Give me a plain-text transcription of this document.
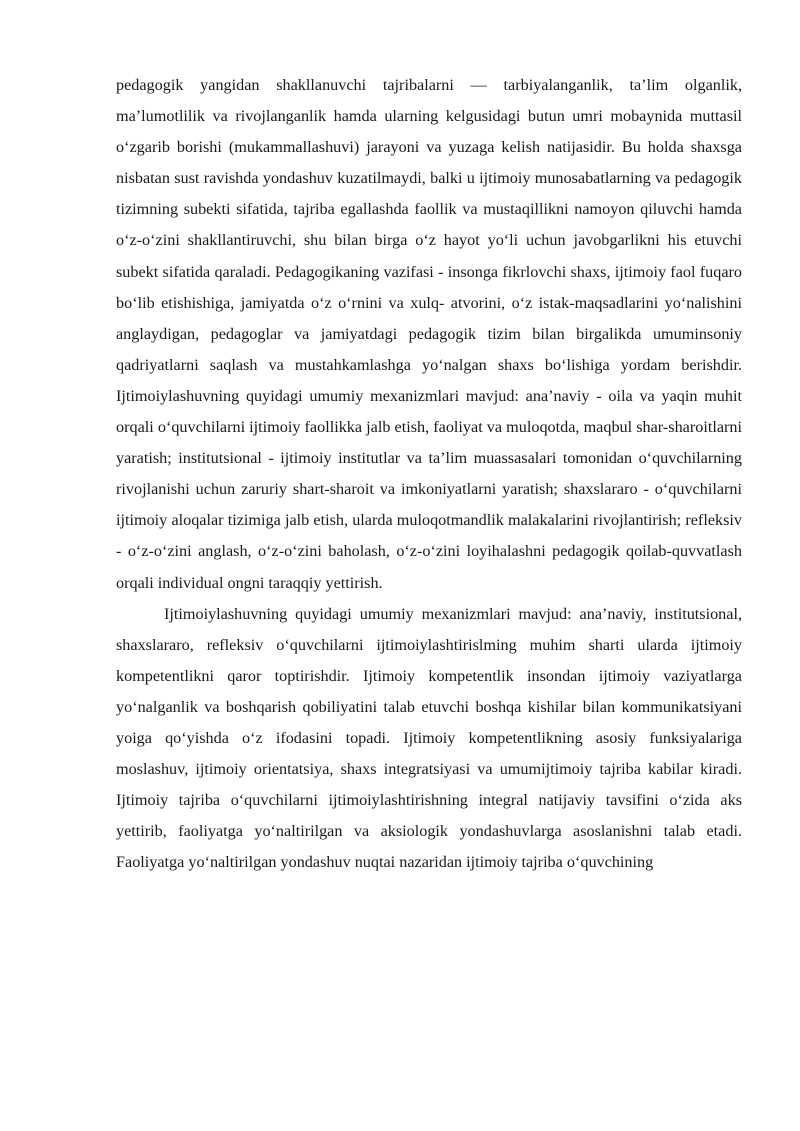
pedagogik yangidan shakllanuvchi tajribalarni — tarbiyalanganlik, ta’lim olganlik, ma’lumotlilik va rivojlanganlik hamda ularning kelgusidagi butun umri mobaynida muttasil o‘zgarib borishi (mukammallashuvi) jarayoni va yuzaga kelish natijasidir. Bu holda shaxsga nisbatan sust ravishda yondashuv kuzatilmaydi, balki u ijtimoiy munosabatlarning va pedagogik tizimning subekti sifatida, tajriba egallashda faollik va mustaqillikni namoyon qiluvchi hamda o‘z-o‘zini shakllantiruvchi, shu bilan birga o‘z hayot yo‘li uchun javobgarlikni his etuvchi subekt sifatida qaraladi. Pedagogikaning vazifasi - insonga fikrlovchi shaxs, ijtimoiy faol fuqaro bo‘lib etishishiga, jamiyatda o‘z o‘rnini va xulq- atvorini, o‘z istak-maqsadlarini yo‘nalishini anglaydigan, pedagoglar va jamiyatdagi pedagogik tizim bilan birgalikda umuminsoniy qadriyatlarni saqlash va mustahkamlashga yo‘nalgan shaxs bo‘lishiga yordam berishdir. Ijtimoiylashuvning quyidagi umumiy mexanizmlari mavjud: ana’naviy - oila va yaqin muhit orqali o‘quvchilarni ijtimoiy faollikka jalb etish, faoliyat va muloqotda, maqbul shar-sharoitlarni yaratish; institutsional - ijtimoiy institutlar va ta’lim muassasalari tomonidan o‘quvchilarning rivojlanishi uchun zaruriy shart-sharoit va imkoniyatlarni yaratish; shaxslararo - o‘quvchilarni ijtimoiy aloqalar tizimiga jalb etish, ularda muloqotmandlik malakalarini rivojlantirish; refleksiv - o‘z-o‘zini anglash, o‘z-o‘zini baholash, o‘z-o‘zini loyihalashni pedagogik qoilab-quvvatlash orqali individual ongni taraqqiy yettirish.

Ijtimoiylashuvning quyidagi umumiy mexanizmlari mavjud: ana’naviy, institutsional, shaxslararo, refleksiv o‘quvchilarni ijtimoiylashtirislming muhim sharti ularda ijtimoiy kompetentlikni qaror toptirishdir. Ijtimoiy kompetentlik insondan ijtimoiy vaziyatlarga yo‘nalganlik va boshqarish qobiliyatini talab etuvchi boshqa kishilar bilan kommunikatsiyani yoiga qo‘yishda o‘z ifodasini topadi. Ijtimoiy kompetentlikning asosiy funksiyalariga moslashuv, ijtimoiy orientatsiya, shaxs integratsiyasi va umumijtimoiy tajriba kabilar kiradi. Ijtimoiy tajriba o‘quvchilarni ijtimoiylashtirishning integral natijaviy tavsifini o‘zida aks yettirib, faoliyatga yo‘naltirilgan va aksiologik yondashuvlarga asoslanishni talab etadi. Faoliyatga yo‘naltirilgan yondashuv nuqtai nazaridan ijtimoiy tajriba o‘quvchining
